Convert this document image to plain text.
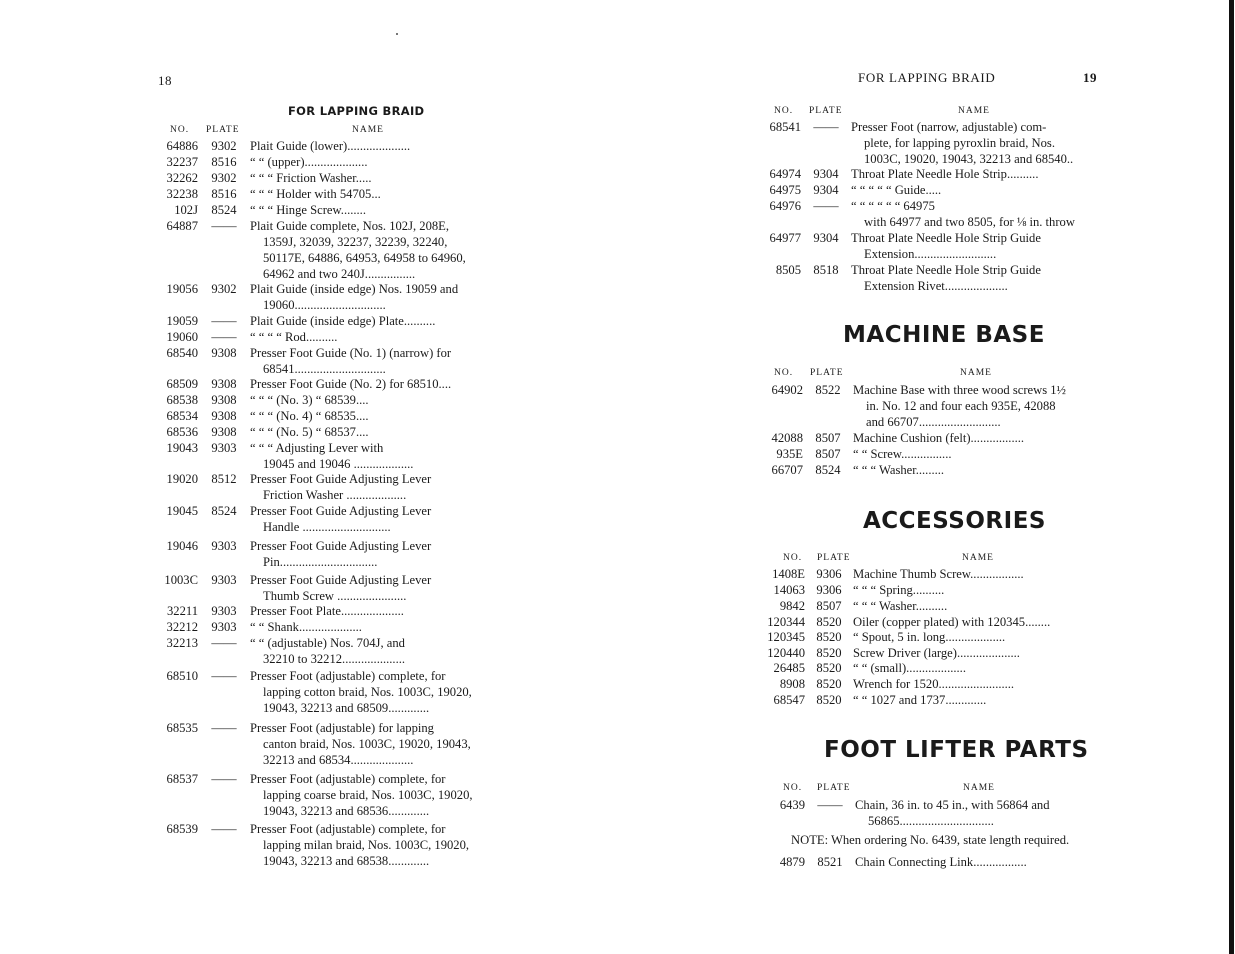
18
FOR LAPPING BRAID
NO. PLATE	NAME
64886	9302	Plait Guide (lower)....................

32237	8516	“ “ (upper)....................

32262	9302	“ “ “ Friction Washer.....

32238	8516	“ “ “ Holder with 54705...

102J	8524	“ “ “ Hinge Screw........

64887	——	Plait Guide complete, Nos. 102J, 208E,

1359J, 32039, 32237, 32239, 32240,

50117E, 64886, 64953, 64958 to 64960,

64962 and two 240J................

19056	9302	Plait Guide (inside edge) Nos. 19059 and

19060.............................

19059	——	Plait Guide (inside edge) Plate..........

19060	——	“ “ “ “ Rod..........

68540	9308	Presser Foot Guide (No. 1) (narrow) for

68541.............................

68509	9308	Presser Foot Guide (No. 2) for 68510....

68538	9308	“ “ “ (No. 3) “ 68539....

68534	9308	“ “ “ (No. 4) “ 68535....

68536	9308	“ “ “ (No. 5) “ 68537....

19043	9303	“ “ “ Adjusting Lever with

19045 and 19046 ...................

19020	8512	Presser Foot Guide Adjusting Lever

Friction Washer ...................

19045	8524	Presser Foot Guide Adjusting Lever

Handle ............................

19046	9303	Presser Foot Guide Adjusting Lever

Pin...............................

1003C	9303	Presser Foot Guide Adjusting Lever

Thumb Screw ......................

32211	9303	Presser Foot Plate....................

32212	9303	“ “ Shank....................

32213	——	“ “ (adjustable) Nos. 704J, and

32210 to 32212....................

68510	——	Presser Foot (adjustable) complete, for

lapping cotton braid, Nos. 1003C, 19020,

19043, 32213 and 68509.............

68535	——	Presser Foot (adjustable) for lapping

canton braid, Nos. 1003C, 19020, 19043,

32213 and 68534....................

68537	——	Presser Foot (adjustable) complete, for

lapping coarse braid, Nos. 1003C, 19020,

19043, 32213 and 68536.............

68539	——	Presser Foot (adjustable) complete, for

lapping milan braid, Nos. 1003C, 19020,

19043, 32213 and 68538.............

FOR LAPPING BRAID	19
NO. PLATE	NAME
68541 —— Presser Foot (narrow, adjustable) com-

plete, for lapping pyroxlin braid, Nos.

1003C, 19020, 19043, 32213 and 68540..

64974 9304 Throat Plate Needle Hole Strip..........

64975 9304 “ “ “ “ “ Guide.....

64976 —— “ “ “ “ “ “ 64975

with 64977 and two 8505, for ⅛ in. throw

64977 9304 Throat Plate Needle Hole Strip Guide

Extension..........................

8505 8518 Throat Plate Needle Hole Strip Guide

Extension Rivet....................

MACHINE BASE
NO. PLATE	NAME
64902 8522 Machine Base with three wood screws 1½

in. No. 12 and four each 935E, 42088

and 66707..........................

42088 8507 Machine Cushion (felt).................

935E 8507 “ “ Screw................

66707 8524 “ “ “ Washer.........

ACCESSORIES
NO. PLATE	NAME
1408E 9306 Machine Thumb Screw.................

14063 9306 “ “ “ Spring..........

9842 8507 “ “ “ Washer..........

120344 8520 Oiler (copper plated) with 120345........

120345 8520 “ Spout, 5 in. long...................

120440 8520 Screw Driver (large)....................

26485 8520 “ “ (small)...................

8908 8520 Wrench for 1520........................

68547 8520 “ “ 1027 and 1737.............

FOOT LIFTER PARTS
NO. PLATE	NAME
6439 —— Chain, 36 in. to 45 in., with 56864 and

56865..............................

NOTE: When ordering No. 6439, state length required.
4879 8521 Chain Connecting Link.................
